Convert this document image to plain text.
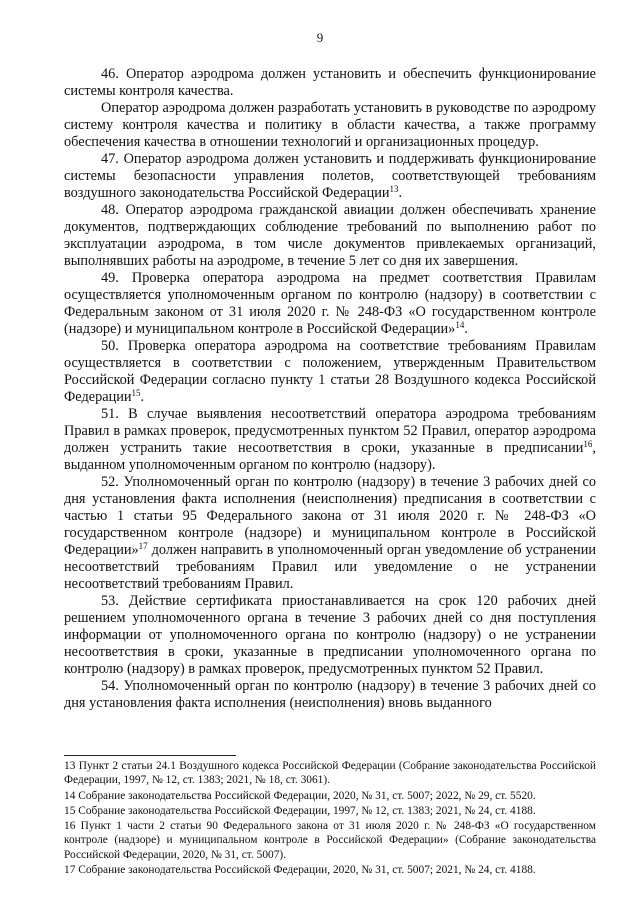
9

46. Оператор аэродрома должен установить и обеспечить функционирование системы контроля качества.

Оператор аэродрома должен разработать установить в руководстве по аэродрому систему контроля качества и политику в области качества, а также программу обеспечения качества в отношении технологий и организационных процедур.

47. Оператор аэродрома должен установить и поддерживать функционирование системы безопасности управления полетов, соответствующей требованиям воздушного законодательства Российской Федерации$^{13}$.

48. Оператор аэродрома гражданской авиации должен обеспечивать хранение документов, подтверждающих соблюдение требований по выполнению работ по эксплуатации аэродрома, в том числе документов привлекаемых организаций, выполнявших работы на аэродроме, в течение 5 лет со дня их завершения.

49. Проверка оператора аэродрома на предмет соответствия Правилам осуществляется уполномоченным органом по контролю (надзору) в соответствии с Федеральным законом от 31 июля 2020 г. № 248-ФЗ «О государственном контроле (надзоре) и муниципальном контроле в Российской Федерации»$^{14}$.

50. Проверка оператора аэродрома на соответствие требованиям Правилам осуществляется в соответствии с положением, утвержденным Правительством Российской Федерации согласно пункту 1 статьи 28 Воздушного кодекса Российской Федерации$^{15}$.

51. В случае выявления несоответствий оператора аэродрома требованиям Правил в рамках проверок, предусмотренных пунктом 52 Правил, оператор аэродрома должен устранить такие несоответствия в сроки, указанные в предписании$^{16}$, выданном уполномоченным органом по контролю (надзору).

52. Уполномоченный орган по контролю (надзору) в течение 3 рабочих дней со дня установления факта исполнения (неисполнения) предписания в соответствии с частью 1 статьи 95 Федерального закона от 31 июля 2020 г. № 248-ФЗ «О государственном контроле (надзоре) и муниципальном контроле в Российской Федерации»$^{17}$ должен направить в уполномоченный орган уведомление об устранении несоответствий требованиям Правил или уведомление о не устранении несоответствий требованиям Правил.

53. Действие сертификата приостанавливается на срок 120 рабочих дней решением уполномоченного органа в течение 3 рабочих дней со дня поступления информации от уполномоченного органа по контролю (надзору) о не устранении несоответствия в сроки, указанные в предписании уполномоченного органа по контролю (надзору) в рамках проверок, предусмотренных пунктом 52 Правил.

54. Уполномоченный орган по контролю (надзору) в течение 3 рабочих дней со дня установления факта исполнения (неисполнения) вновь выданного

13 Пункт 2 статьи 24.1 Воздушного кодекса Российской Федерации (Собрание законодательства Российской Федерации, 1997, № 12, ст. 1383; 2021, № 18, ст. 3061).

14 Собрание законодательства Российской Федерации, 2020, № 31, ст. 5007; 2022, № 29, ст. 5520.

15 Собрание законодательства Российской Федерации, 1997, № 12, ст. 1383; 2021, № 24, ст. 4188.

16 Пункт 1 части 2 статьи 90 Федерального закона от 31 июля 2020 г. № 248-ФЗ «О государственном контроле (надзоре) и муниципальном контроле в Российской Федерации» (Собрание законодательства Российской Федерации, 2020, № 31, ст. 5007).

17 Собрание законодательства Российской Федерации, 2020, № 31, ст. 5007; 2021, № 24, ст. 4188.
